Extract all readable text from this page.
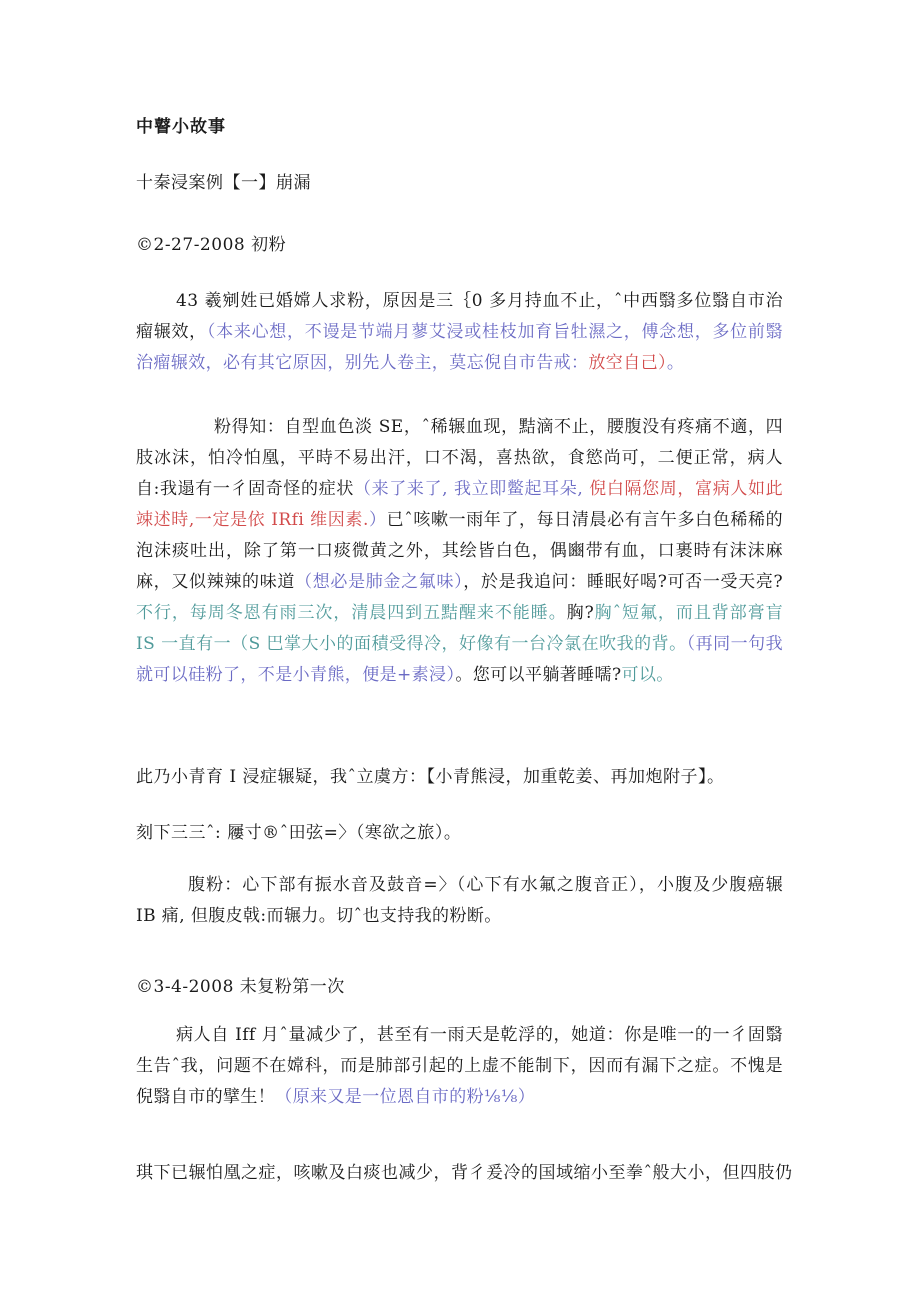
中瞽小故事
十秦浸案例【一】崩漏
©2-27-2008 初粉

43 羲剜姓已婚嫦人求粉，原因是三｛0 多月持血不止，ˆ中西翳多位翳自市治瘤辗效，（本来心想，不谩是节端月蓼艾浸或桂枝加育旨牡濕之，傅念想，多位前翳治瘤辗效，必有其它原因，别先人卷主，莫忘倪自市告戒：放空自己）。

粉得知：自型血色淡 SE，ˆ稀辗血现，黠滴不止，腰腹没有疼痛不適，四肢冰沫，怕冷怕凰，平時不易出汗，口不渴，喜热欲，食慾尚可，二便正常，病人自:我遢有一彳固奇怪的症状（来了来了, 我立即鳖起耳朵, 倪白隔您周，富病人如此竦述時,一定是依 IRfi 维因素.）已ˆ咳嗽一雨年了，每日清晨必有言午多白色稀稀的泡沫痰吐出，除了第一口痰微黄之外，其绘皆白色，偶豳带有血，口裹時有沫沫麻麻，又似辣辣的味道（想必是肺金之氟味），於是我追问：睡眠好喝?可否一受天亮?不行，每周冬恩有雨三次，清晨四到五黠醒来不能睡。胸?胸ˆ短氟，而且背部膏盲 IS 一直有一（S 巴掌大小的面積受得冷，好像有一台冷氯在吹我的背。（再同一句我就可以硅粉了，不是小青熊，便是+素浸）。您可以平躺著睡嚅?可以。

此乃小青育 I 浸症辗疑，我ˆ立虞方：【小青熊浸，加重乾姜、再加炮附子】。
刻下三三ˆ: 屨寸®ˆ田弦=〉（寒欲之旅）。

腹粉：心下部有振水音及鼓音=〉（心下有水氟之腹音正），小腹及少腹癌辗 IB 痛, 但腹皮戟:而辗力。切ˆ也支持我的粉断。

©3-4-2008 未复粉第一次

病人自 Iff 月ˆ量减少了，甚至有一雨天是乾浮的，她道：你是唯一的一彳固翳生告ˆ我，问题不在嫦科，而是肺部引起的上虚不能制下，因而有漏下之症。不愧是倪翳自市的擘生！（原来又是一位恩自市的粉⅛⅛）

琪下已辗怕凰之症，咳嗽及白痰也减少，背彳爰冷的国域缩小至拳ˆ般大小，但四肢仍
